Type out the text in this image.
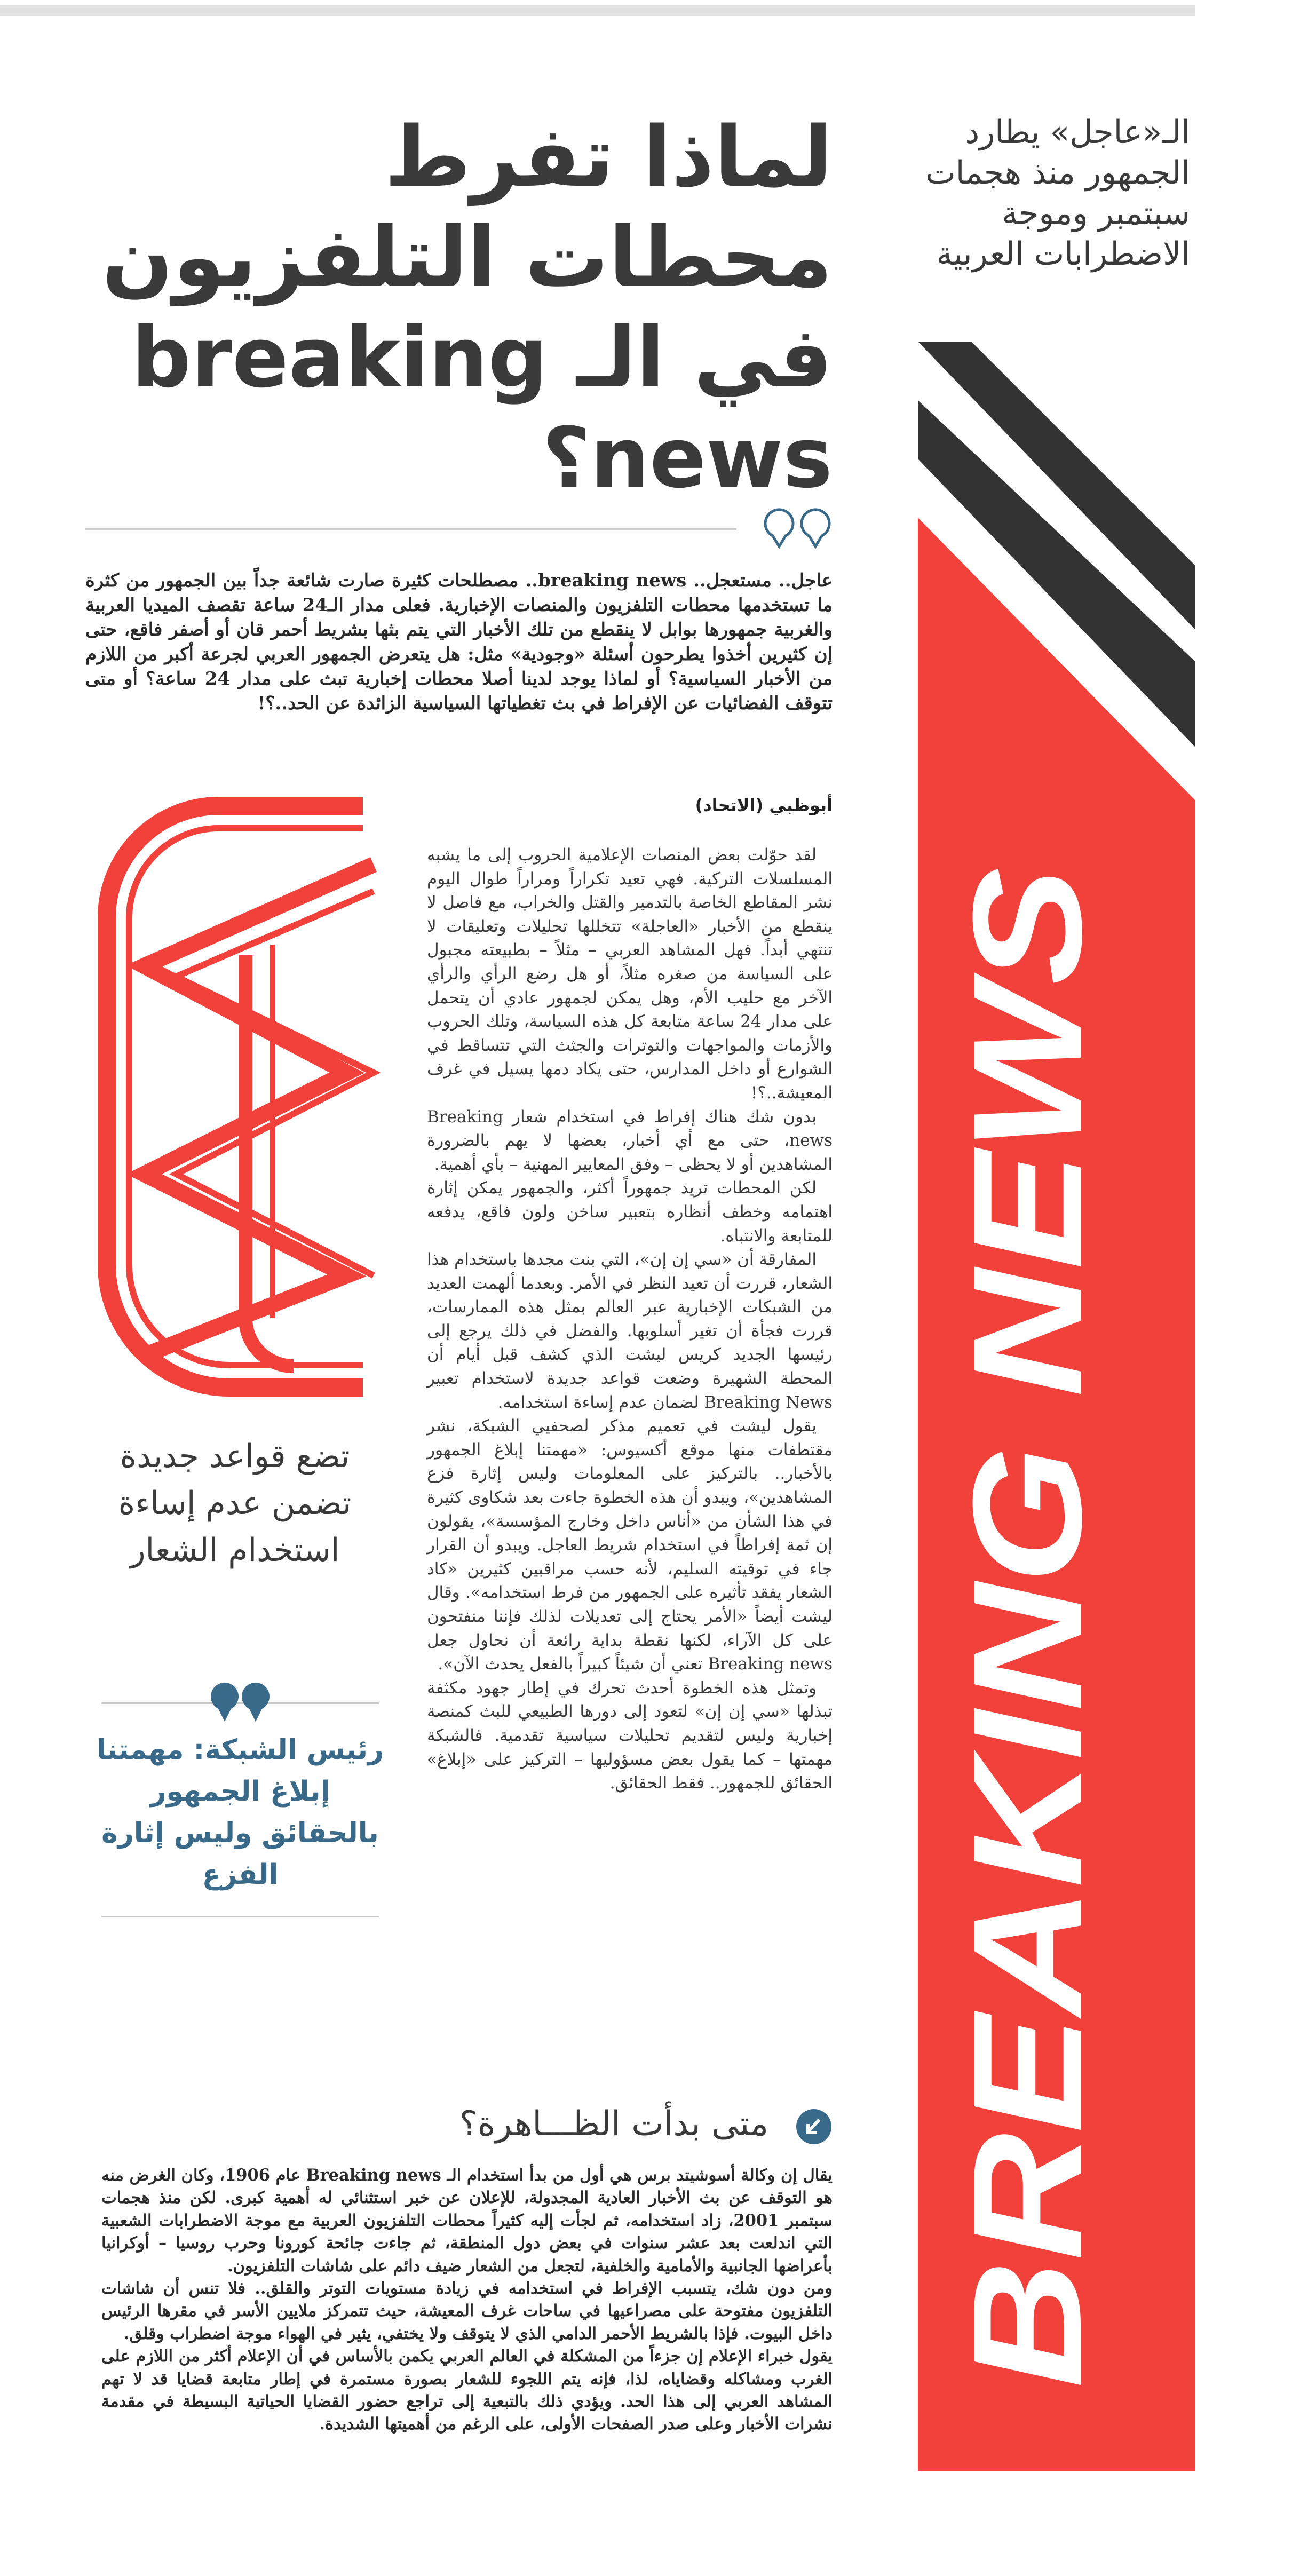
لماذا تفرط محطات التلفزيون في الـ breaking news؟
الـ«عاجل» يطارد الجمهور منذ هجمات سبتمبر وموجة الاضطرابات العربية

عاجل.. مستعجل.. breaking news.. مصطلحات كثيرة صارت شائعة جداً بين الجمهور من كثرة ما تستخدمها محطات التلفزيون والمنصات الإخبارية. فعلى مدار الـ24 ساعة تقصف الميديا العربية والغربية جمهورها بوابل لا ينقطع من تلك الأخبار التي يتم بثها بشريط أحمر قان أو أصفر فاقع، حتى إن كثيرين أخذوا يطرحون أسئلة «وجودية» مثل: هل يتعرض الجمهور العربي لجرعة أكبر من اللازم من الأخبار السياسية؟ أو لماذا يوجد لدينا أصلا محطات إخبارية تبث على مدار 24 ساعة؟ أو متى تتوقف الفضائيات عن الإفراط في بث تغطياتها السياسية الزائدة عن الحد..؟!

أبوظبي (الاتحاد)

لقد حوّلت بعض المنصات الإعلامية الحروب إلى ما يشبه المسلسلات التركية. فهي تعيد تكراراً ومراراً طوال اليوم نشر المقاطع الخاصة بالتدمير والقتل والخراب، مع فاصل لا ينقطع من الأخبار «العاجلة» تتخللها تحليلات وتعليقات لا تنتهي أبداً. فهل المشاهد العربي – مثلاً – بطبيعته مجبول على السياسة من صغره مثلاً، أو هل رضع الرأي والرأي الآخر مع حليب الأم، وهل يمكن لجمهور عادي أن يتحمل على مدار 24 ساعة متابعة كل هذه السياسة، وتلك الحروب والأزمات والمواجهات والتوترات والجثث التي تتساقط في الشوارع أو داخل المدارس، حتى يكاد دمها يسيل في غرف المعيشة..؟!

بدون شك هناك إفراط في استخدام شعار Breaking news، حتى مع أي أخبار، بعضها لا يهم بالضرورة المشاهدين أو لا يحظى – وفق المعايير المهنية – بأي أهمية.

لكن المحطات تريد جمهوراً أكثر، والجمهور يمكن إثارة اهتمامه وخطف أنظاره بتعبير ساخن ولون فاقع، يدفعه للمتابعة والانتباه.

المفارقة أن «سي إن إن»، التي بنت مجدها باستخدام هذا الشعار، قررت أن تعيد النظر في الأمر. وبعدما ألهمت العديد من الشبكات الإخبارية عبر العالم بمثل هذه الممارسات، قررت فجأة أن تغير أسلوبها. والفضل في ذلك يرجع إلى رئيسها الجديد كريس ليشت الذي كشف قبل أيام أن المحطة الشهيرة وضعت قواعد جديدة لاستخدام تعبير Breaking News لضمان عدم إساءة استخدامه.

يقول ليشت في تعميم مذكر لصحفيي الشبكة، نشر مقتطفات منها موقع أكسيوس: «مهمتنا إبلاغ الجمهور بالأخبار.. بالتركيز على المعلومات وليس إثارة فزع المشاهدين»، ويبدو أن هذه الخطوة جاءت بعد شكاوى كثيرة في هذا الشأن من «أناس داخل وخارج المؤسسة»، يقولون إن ثمة إفراطاً في استخدام شريط العاجل. ويبدو أن القرار جاء في توقيته السليم، لأنه حسب مراقبين كثيرين «كاد الشعار يفقد تأثيره على الجمهور من فرط استخدامه». وقال ليشت أيضاً «الأمر يحتاج إلى تعديلات لذلك فإننا منفتحون على كل الآراء، لكنها نقطة بداية رائعة أن نحاول جعل Breaking news تعني أن شيئاً كبيراً بالفعل يحدث الآن».

وتمثل هذه الخطوة أحدث تحرك في إطار جهود مكثفة تبذلها «سي إن إن» لتعود إلى دورها الطبيعي للبث كمنصة إخبارية وليس لتقديم تحليلات سياسية تقدمية. فالشبكة مهمتها – كما يقول بعض مسؤوليها – التركيز على «إبلاغ» الحقائق للجمهور.. فقط الحقائق.

تضع قواعد جديدة تضمن عدم إساءة استخدام الشعار
رئيس الشبكة: مهمتنا إبلاغ الجمهور بالحقائق وليس إثارة الفزع
متى بدأت الظـــاهرة؟

يقال إن وكالة أسوشيتد برس هي أول من بدأ استخدام الـ Breaking news عام 1906، وكان الغرض منه هو التوقف عن بث الأخبار العادية المجدولة، للإعلان عن خبر استثنائي له أهمية كبرى. لكن منذ هجمات سبتمبر 2001، زاد استخدامه، ثم لجأت إليه كثيراً محطات التلفزيون العربية مع موجة الاضطرابات الشعبية التي اندلعت بعد عشر سنوات في بعض دول المنطقة، ثم جاءت جائحة كورونا وحرب روسيا – أوكرانيا بأعراضها الجانبية والأمامية والخلفية، لتجعل من الشعار ضيف دائم على شاشات التلفزيون.

ومن دون شك، يتسبب الإفراط في استخدامه في زيادة مستويات التوتر والقلق.. فلا تنس أن شاشات التلفزيون مفتوحة على مصراعيها في ساحات غرف المعيشة، حيث تتمركز ملايين الأسر في مقرها الرئيس داخل البيوت. فإذا بالشريط الأحمر الدامي الذي لا يتوقف ولا يختفي، يثير في الهواء موجة اضطراب وقلق.

يقول خبراء الإعلام إن جزءاً من المشكلة في العالم العربي يكمن بالأساس في أن الإعلام أكثر من اللازم على الغرب ومشاكله وقضاياه، لذا، فإنه يتم اللجوء للشعار بصورة مستمرة في إطار متابعة قضايا قد لا تهم المشاهد العربي إلى هذا الحد. ويؤدي ذلك بالتبعية إلى تراجع حضور القضايا الحياتية البسيطة في مقدمة نشرات الأخبار وعلى صدر الصفحات الأولى، على الرغم من أهميتها الشديدة.

BREAKING NEWS
